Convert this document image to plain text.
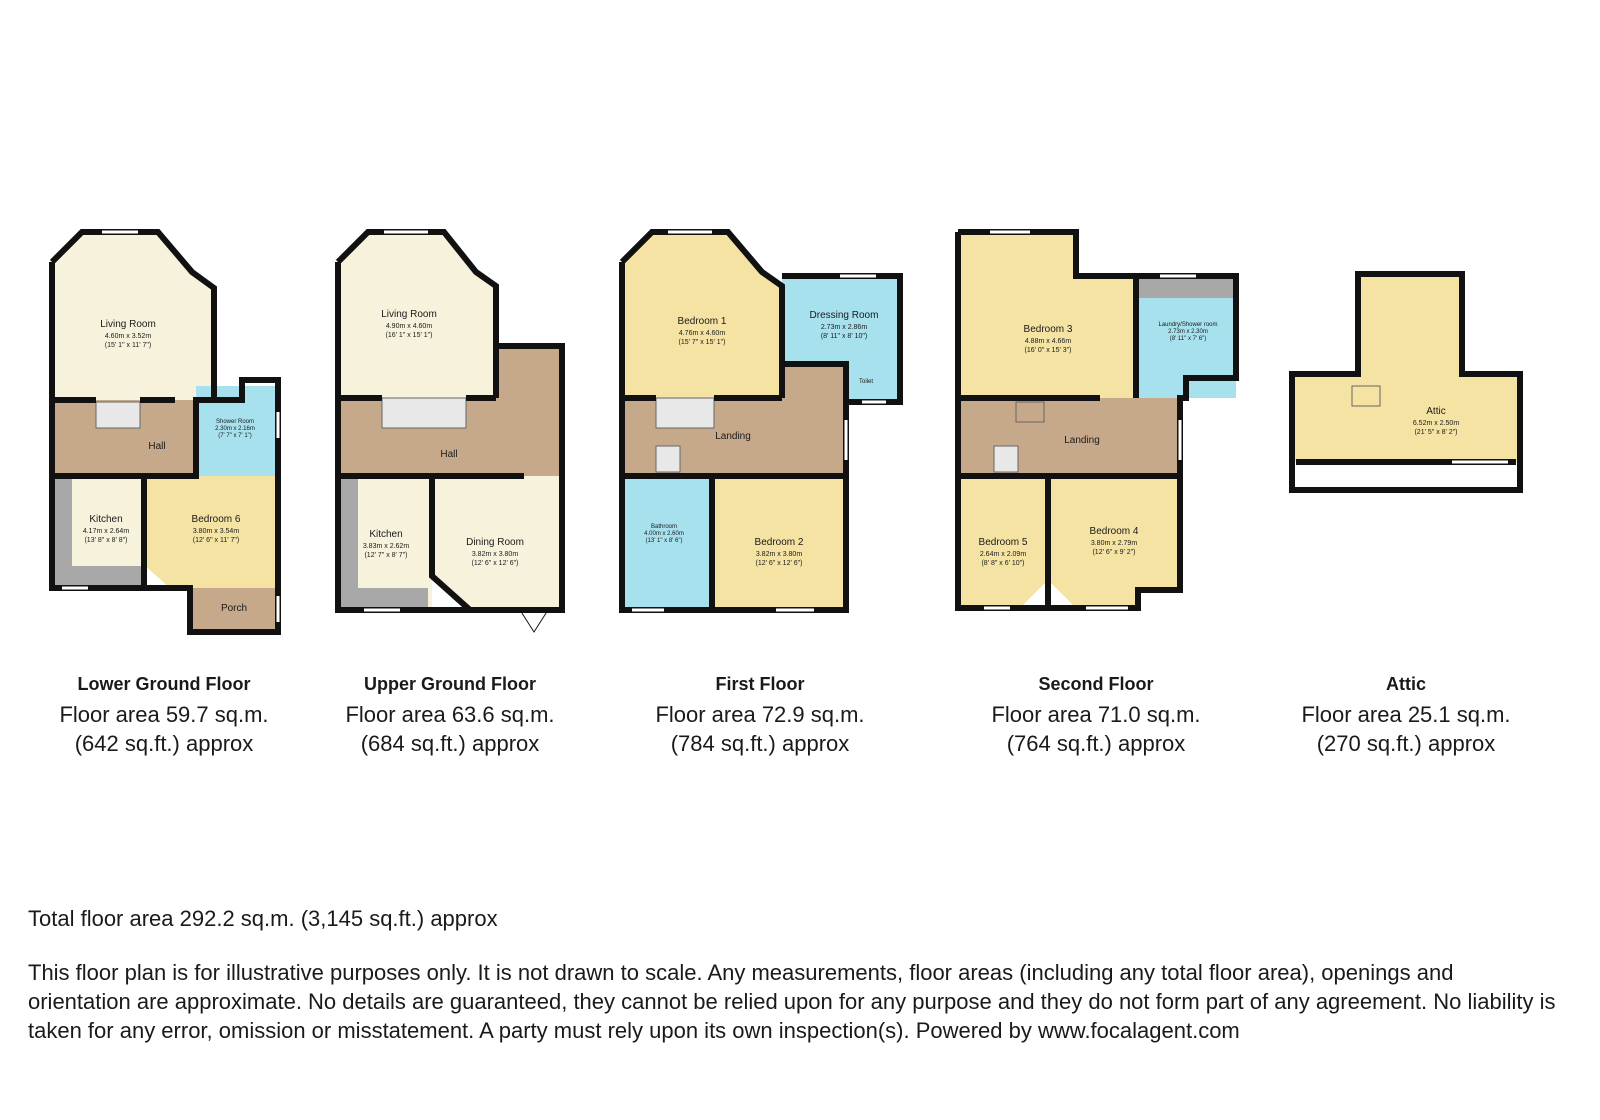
Living Room
4.60m x 3.52m
(15' 1" x 11' 7")
Hall
Shower Room
2.30m x 2.16m
(7' 7" x 7' 1")
Kitchen
4.17m x 2.64m
(13' 8" x 8' 8")
Bedroom 6
3.80m x 3.54m
(12' 6" x 11' 7")
Porch
Living Room
4.90m x 4.60m
(16' 1" x 15' 1")
Hall
Kitchen
3.83m x 2.62m
(12' 7" x 8' 7")
Dining Room
3.82m x 3.80m
(12' 6" x 12' 6")
Bedroom 1
4.76m x 4.60m
(15' 7" x 15' 1")
Dressing Room
2.73m x 2.86m
(8' 11" x 8' 10")
Toilet
Landing
Bathroom
4.00m x 2.60m
(13' 1" x 8' 6")	Bedroom 2
3.82m x 3.80m
(12' 6" x 12' 6")
Bedroom 3
4.88m x 4.66m
(16' 0" x 15' 3")
Laundry/Shower room
2.73m x 2.30m
(8' 11" x 7' 6")
Landing
Bedroom 5
2.64m x 2.09m
(8' 8" x 6' 10")
Bedroom 4
3.80m x 2.79m
(12' 6" x 9' 2")
Attic
6.52m x 2.50m
(21' 5" x 8' 2")
Lower Ground Floor
Floor area 59.7 sq.m.
(642 sq.ft.) approx
Upper Ground Floor
Floor area 63.6 sq.m.
(684 sq.ft.) approx
First Floor
Floor area 72.9 sq.m.
(784 sq.ft.) approx
Second Floor
Floor area 71.0 sq.m.
(764 sq.ft.) approx
Attic
Floor area 25.1 sq.m.
(270 sq.ft.) approx
Total floor area 292.2 sq.m. (3,145 sq.ft.) approx
This floor plan is for illustrative purposes only. It is not drawn to scale. Any measurements, floor areas (including any total floor area), openings and orientation are approximate. No details are guaranteed, they cannot be relied upon for any purpose and they do not form part of any agreement. No liability is taken for any error, omission or misstatement. A party must rely upon its own inspection(s). Powered by www.focalagent.com
